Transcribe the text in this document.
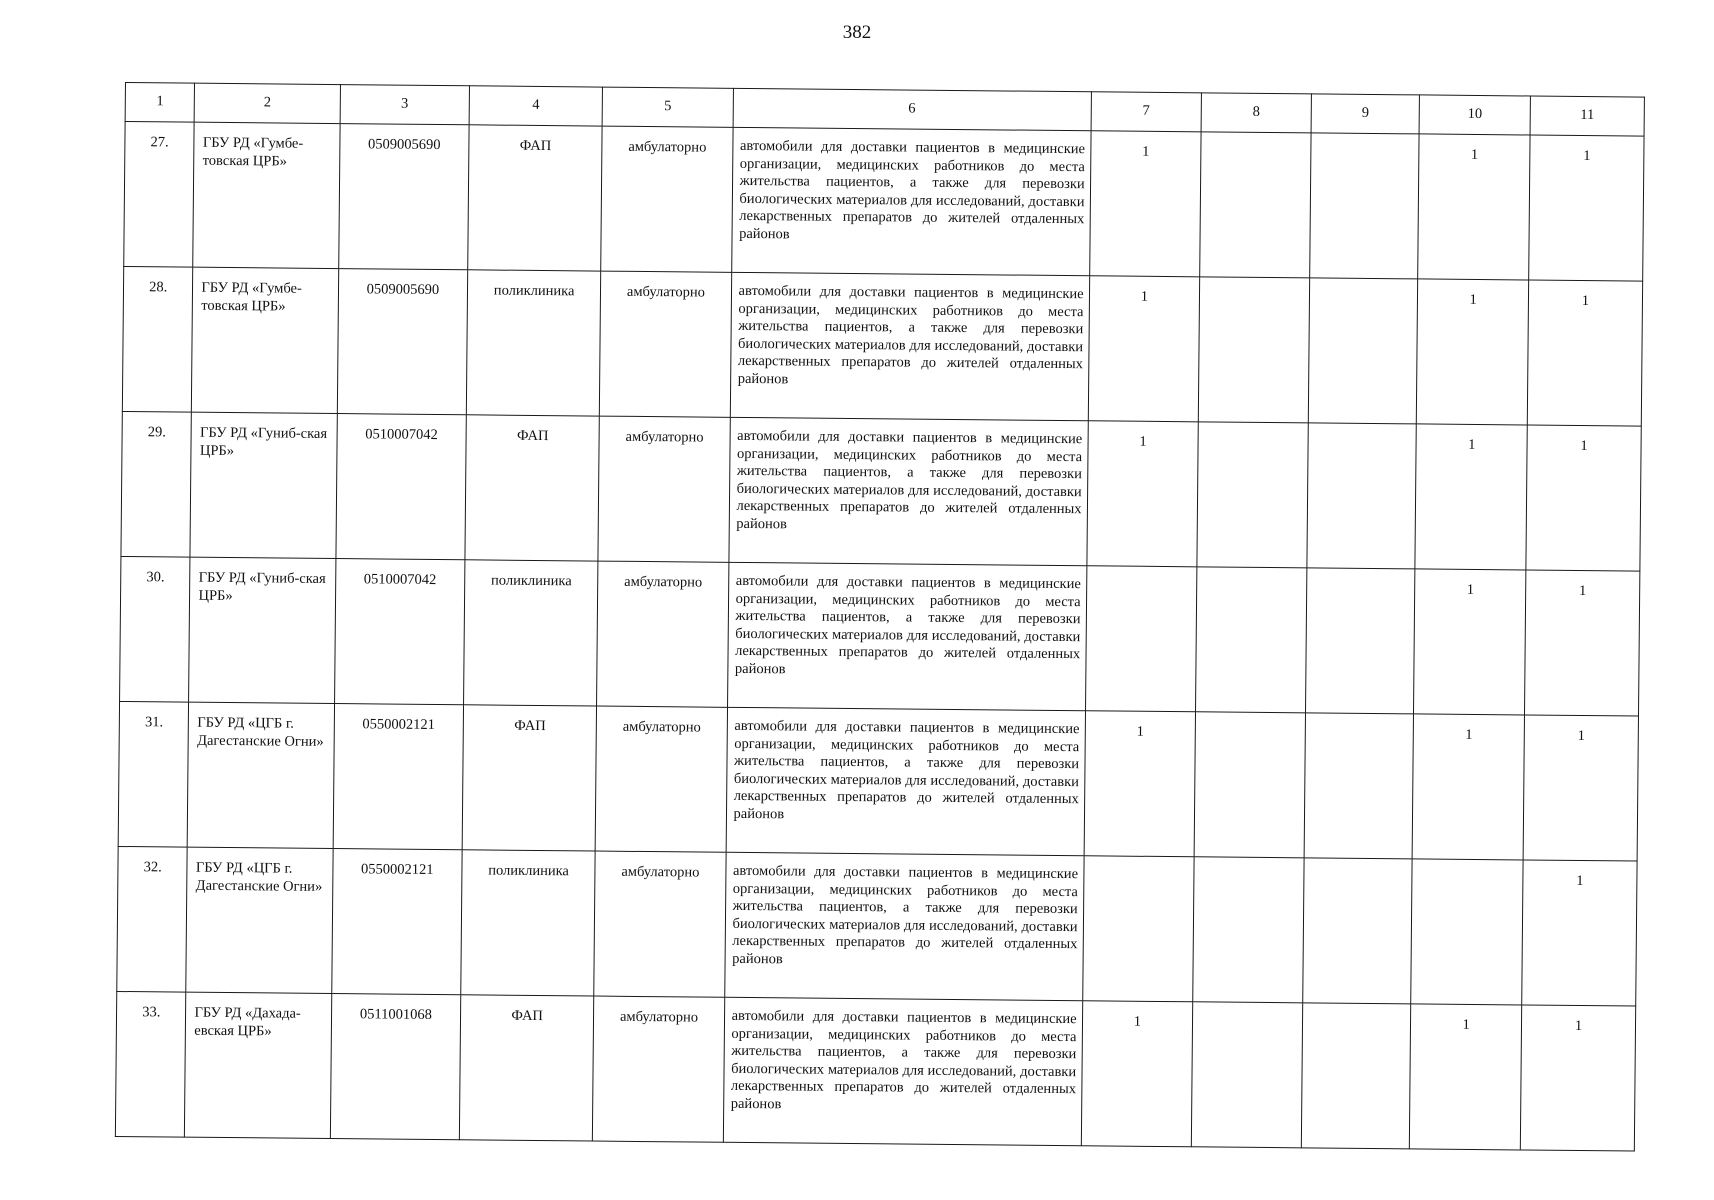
382
1	2	3	4	5	6	7	8	9	10	11
27.	ГБУ РД «Гумбе-товская ЦРБ»	0509005690	ФАП	амбулаторно	автомобили для доставки пациентов в медицинские организации, медицинских работников до места жительства пациентов, а также для перевозки биологических материалов для исследований, доставки лекарственных препаратов до жителей отдаленных районов	1			1	1
28.	ГБУ РД «Гумбе-товская ЦРБ»	0509005690	поликлиника	амбулаторно	автомобили для доставки пациентов в медицинские организации, медицинских работников до места жительства пациентов, а также для перевозки биологических материалов для исследований, доставки лекарственных препаратов до жителей отдаленных районов	1			1	1
29.	ГБУ РД «Гуниб-ская ЦРБ»	0510007042	ФАП	амбулаторно	автомобили для доставки пациентов в медицинские организации, медицинских работников до места жительства пациентов, а также для перевозки биологических материалов для исследований, доставки лекарственных препаратов до жителей отдаленных районов	1			1	1
30.	ГБУ РД «Гуниб-ская ЦРБ»	0510007042	поликлиника	амбулаторно	автомобили для доставки пациентов в медицинские организации, медицинских работников до места жительства пациентов, а также для перевозки биологических материалов для исследований, доставки лекарственных препаратов до жителей отдаленных районов				1	1
31.	ГБУ РД «ЦГБ г. Дагестанские Огни»	0550002121	ФАП	амбулаторно	автомобили для доставки пациентов в медицинские организации, медицинских работников до места жительства пациентов, а также для перевозки биологических материалов для исследований, доставки лекарственных препаратов до жителей отдаленных районов	1			1	1
32.	ГБУ РД «ЦГБ г. Дагестанские Огни»	0550002121	поликлиника	амбулаторно	автомобили для доставки пациентов в медицинские организации, медицинских работников до места жительства пациентов, а также для перевозки биологических материалов для исследований, доставки лекарственных препаратов до жителей отдаленных районов					1
33.	ГБУ РД «Дахада-евская ЦРБ»	0511001068	ФАП	амбулаторно	автомобили для доставки пациентов в медицинские организации, медицинских работников до места жительства пациентов, а также для перевозки биологических материалов для исследований, доставки лекарственных препаратов до жителей отдаленных районов	1			1	1
